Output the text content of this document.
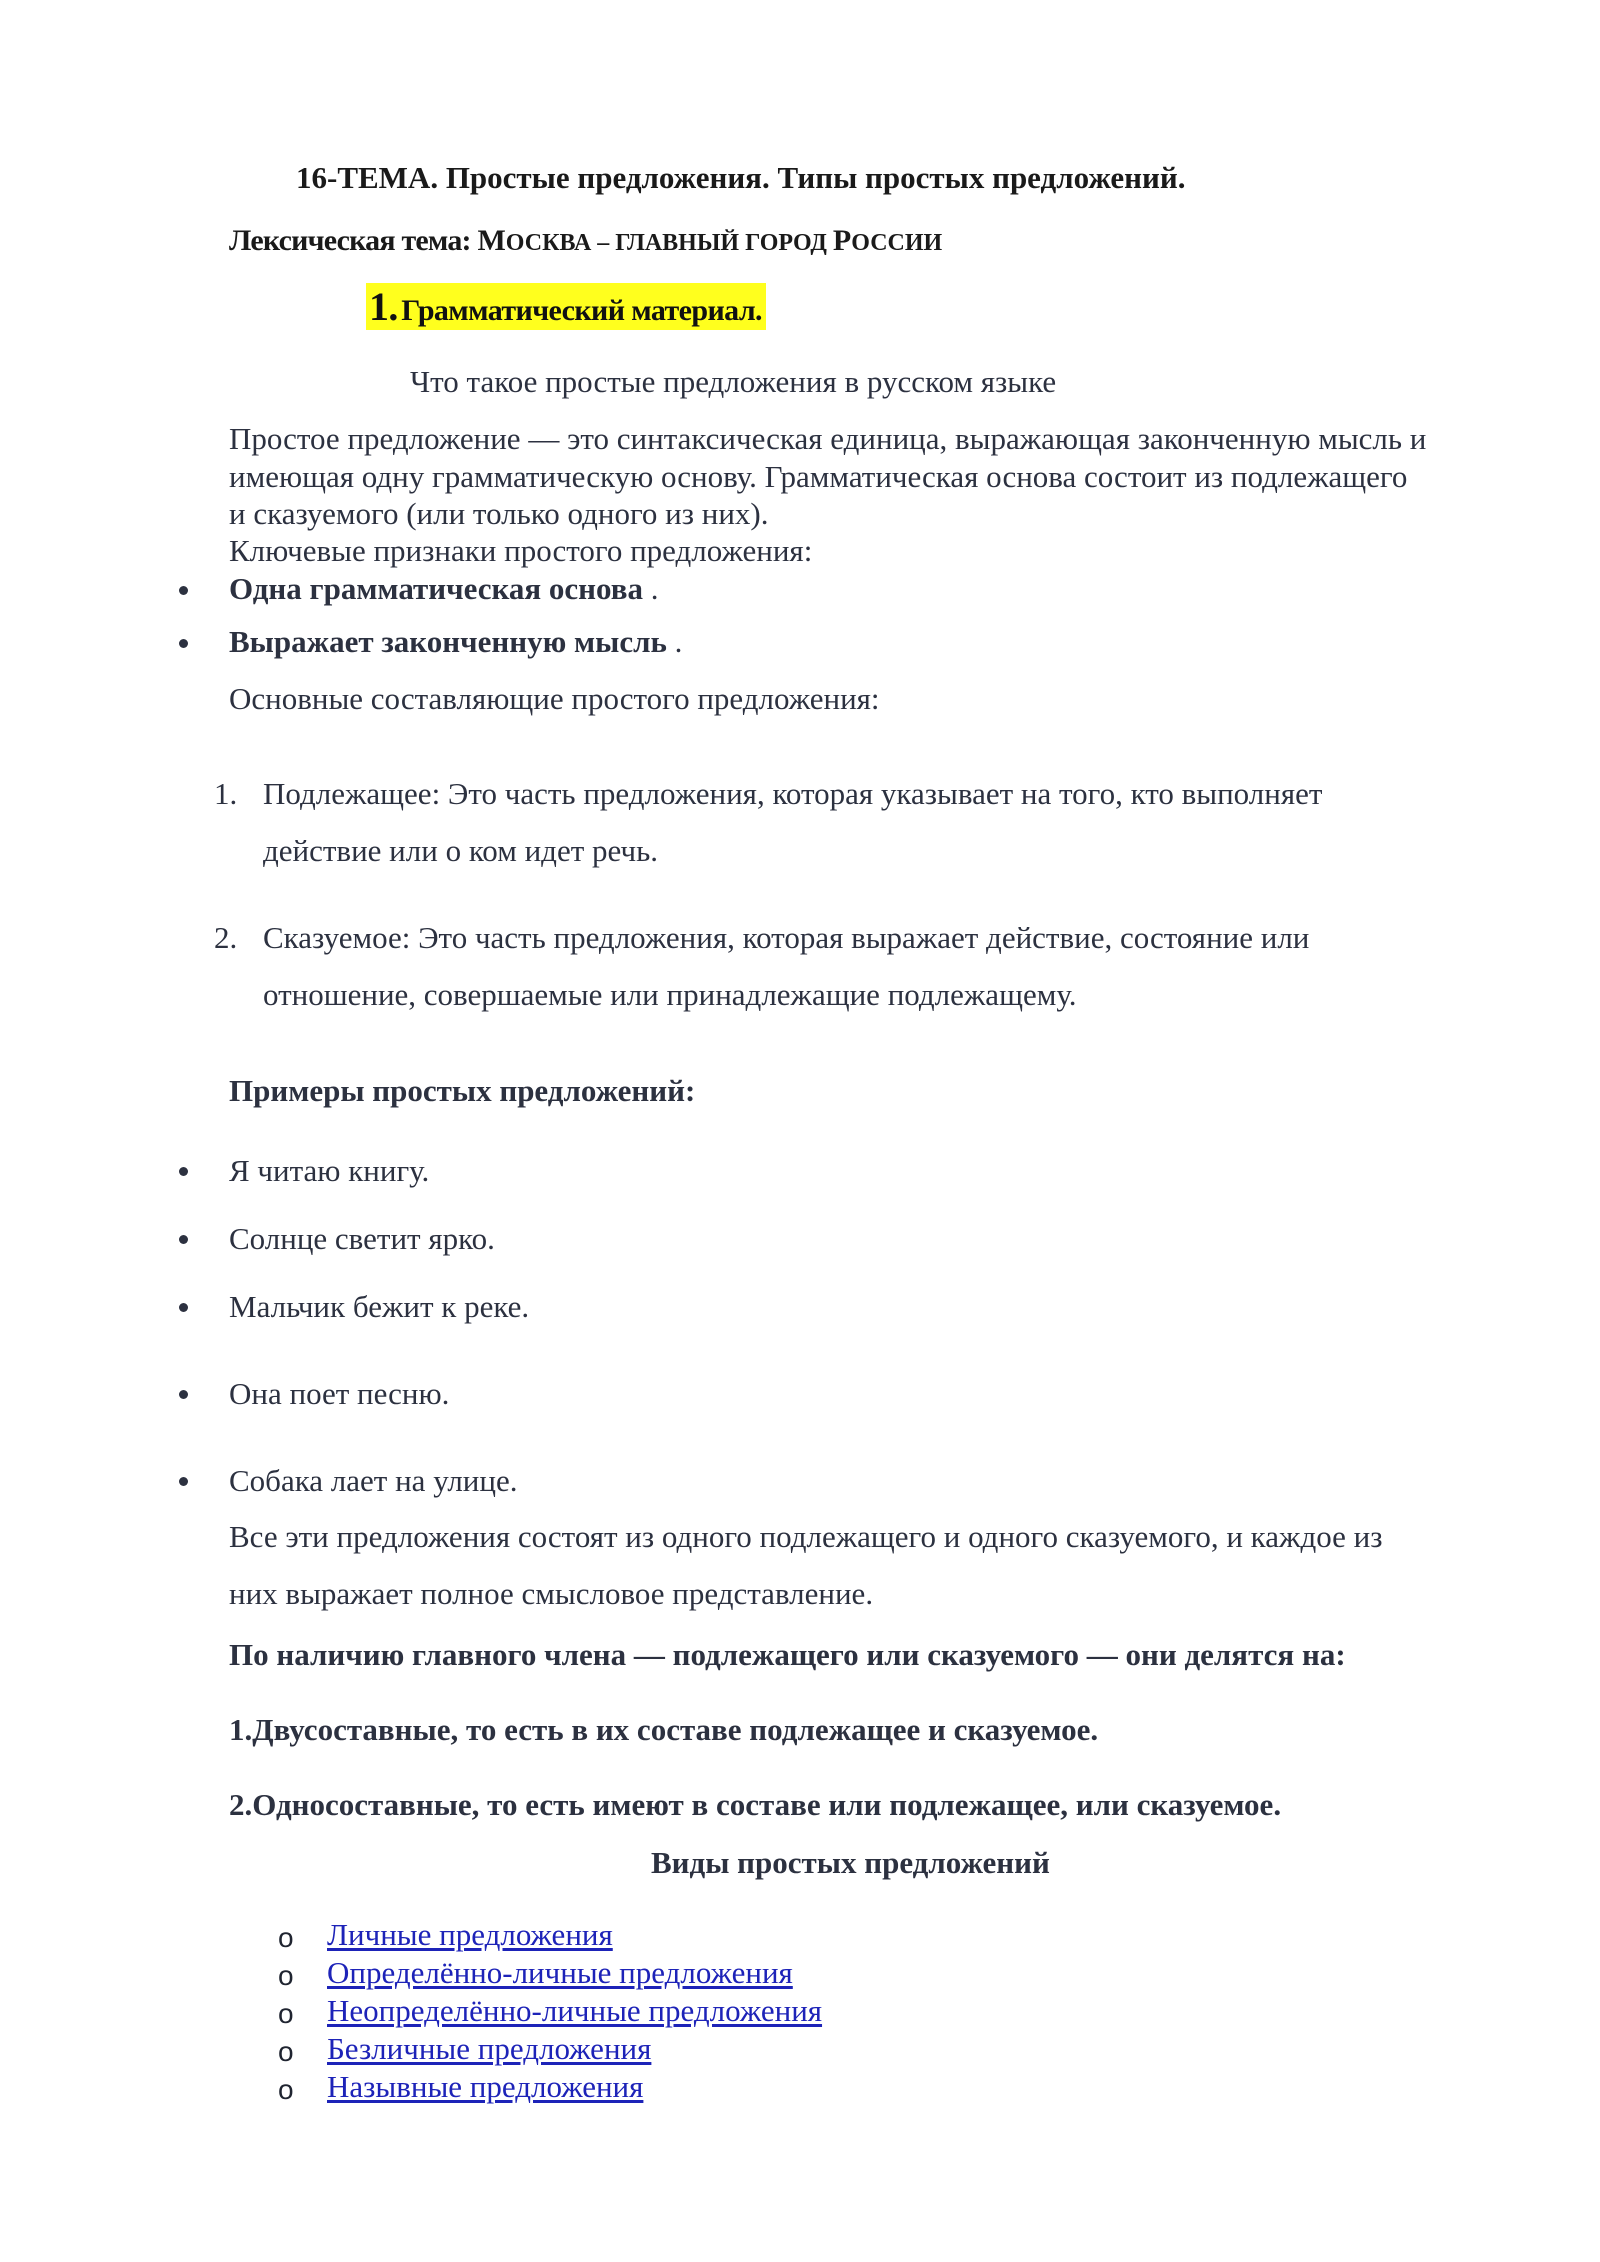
16-ТЕМА. Простые предложения. Типы простых предложений.
Лексическая тема: МОСКВА – ГЛАВНЫЙ ГОРОД РОССИИ
1. Грамматический материал.
Что такое простые предложения в русском языке
Простое предложение — это синтаксическая единица, выражающая законченную мысль и
имеющая одну грамматическую основу. Грамматическая основа состоит из подлежащего
и сказуемого (или только одного из них).
Ключевые признаки простого предложения:
Одна грамматическая основа .
Выражает законченную мысль .
Основные составляющие простого предложения:
1. Подлежащее: Это часть предложения, которая указывает на того, кто выполняет
действие или о ком идет речь.
2. Сказуемое: Это часть предложения, которая выражает действие, состояние или
отношение, совершаемые или принадлежащие подлежащему.
Примеры простых предложений:
Я читаю книгу.
Солнце светит ярко.
Мальчик бежит к реке.
Она поет песню.
Собака лает на улице.
Все эти предложения состоят из одного подлежащего и одного сказуемого, и каждое из
них выражает полное смысловое представление.
По наличию главного члена — подлежащего или сказуемого — они делятся на:
1.Двусоставные, то есть в их составе подлежащее и сказуемое.
2.Односоставные, то есть имеют в составе или подлежащее, или сказуемое.
Виды простых предложений
o Личные предложения
o Определённо-личные предложения
o Неопределённо-личные предложения
o Безличные предложения
o Назывные предложения
